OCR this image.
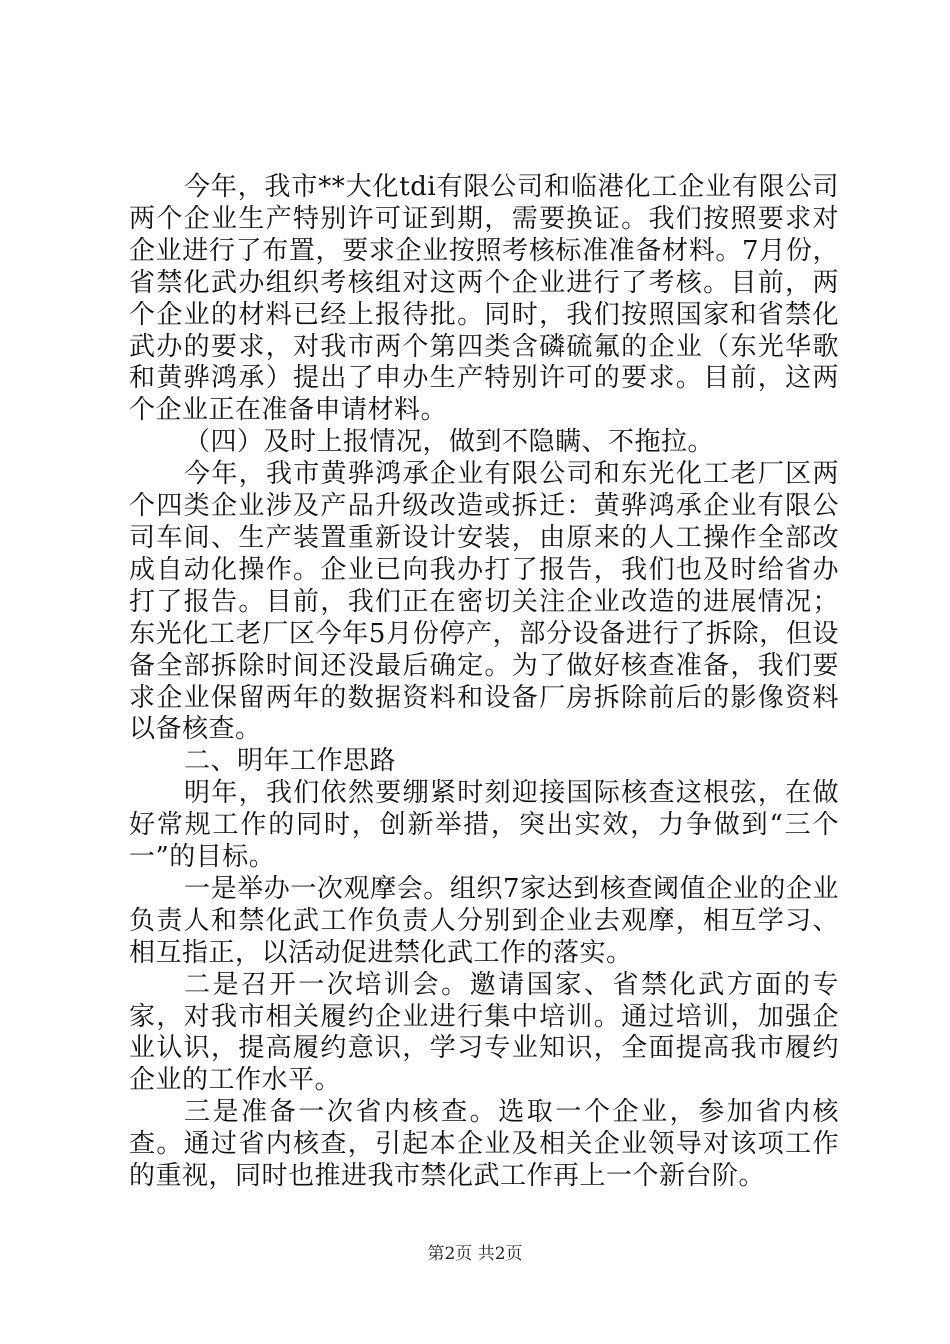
今年，我市**大化tdi有限公司和临港化工企业有限公司两个企业生产特别许可证到期，需要换证。我们按照要求对企业进行了布置，要求企业按照考核标准准备材料。7月份，省禁化武办组织考核组对这两个企业进行了考核。目前，两个企业的材料已经上报待批。同时，我们按照国家和省禁化武办的要求，对我市两个第四类含磷硫氟的企业（东光华歌和黄骅鸿承）提出了申办生产特别许可的要求。目前，这两个企业正在准备申请材料。

（四）及时上报情况，做到不隐瞒、不拖拉。

今年，我市黄骅鸿承企业有限公司和东光化工老厂区两个四类企业涉及产品升级改造或拆迁：黄骅鸿承企业有限公司车间、生产装置重新设计安装，由原来的人工操作全部改成自动化操作。企业已向我办打了报告，我们也及时给省办打了报告。目前，我们正在密切关注企业改造的进展情况；东光化工老厂区今年5月份停产，部分设备进行了拆除，但设备全部拆除时间还没最后确定。为了做好核查准备，我们要求企业保留两年的数据资料和设备厂房拆除前后的影像资料以备核查。

二、明年工作思路

明年，我们依然要绷紧时刻迎接国际核查这根弦，在做好常规工作的同时，创新举措，突出实效，力争做到“三个一”的目标。

一是举办一次观摩会。组织7家达到核查阈值企业的企业负责人和禁化武工作负责人分别到企业去观摩，相互学习、相互指正，以活动促进禁化武工作的落实。

二是召开一次培训会。邀请国家、省禁化武方面的专家，对我市相关履约企业进行集中培训。通过培训，加强企业认识，提高履约意识，学习专业知识，全面提高我市履约企业的工作水平。

三是准备一次省内核查。选取一个企业，参加省内核查。通过省内核查，引起本企业及相关企业领导对该项工作的重视，同时也推进我市禁化武工作再上一个新台阶。

第2页 共2页
